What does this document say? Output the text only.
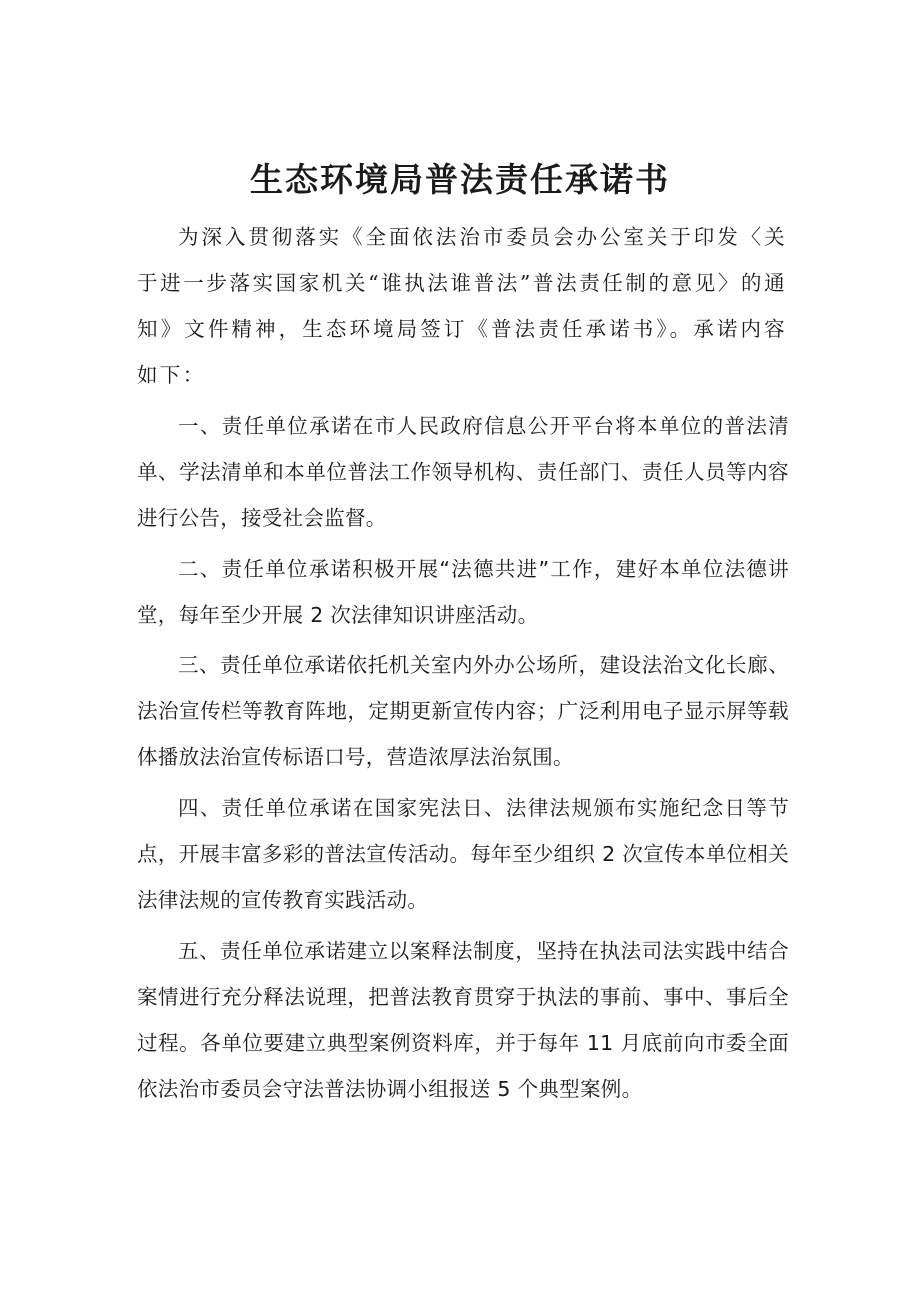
生态环境局普法责任承诺书

为深入贯彻落实《全面依法治市委员会办公室关于印发〈关于进一步落实国家机关“谁执法谁普法”普法责任制的意见〉的通知》文件精神，生态环境局签订《普法责任承诺书》。承诺内容如下：

一、责任单位承诺在市人民政府信息公开平台将本单位的普法清单、学法清单和本单位普法工作领导机构、责任部门、责任人员等内容进行公告，接受社会监督。

二、责任单位承诺积极开展“法德共进”工作，建好本单位法德讲堂，每年至少开展 2 次法律知识讲座活动。

三、责任单位承诺依托机关室内外办公场所，建设法治文化长廊、法治宣传栏等教育阵地，定期更新宣传内容；广泛利用电子显示屏等载体播放法治宣传标语口号，营造浓厚法治氛围。

四、责任单位承诺在国家宪法日、法律法规颁布实施纪念日等节点，开展丰富多彩的普法宣传活动。每年至少组织 2 次宣传本单位相关法律法规的宣传教育实践活动。

五、责任单位承诺建立以案释法制度，坚持在执法司法实践中结合案情进行充分释法说理，把普法教育贯穿于执法的事前、事中、事后全过程。各单位要建立典型案例资料库，并于每年 11 月底前向市委全面依法治市委员会守法普法协调小组报送 5 个典型案例。
